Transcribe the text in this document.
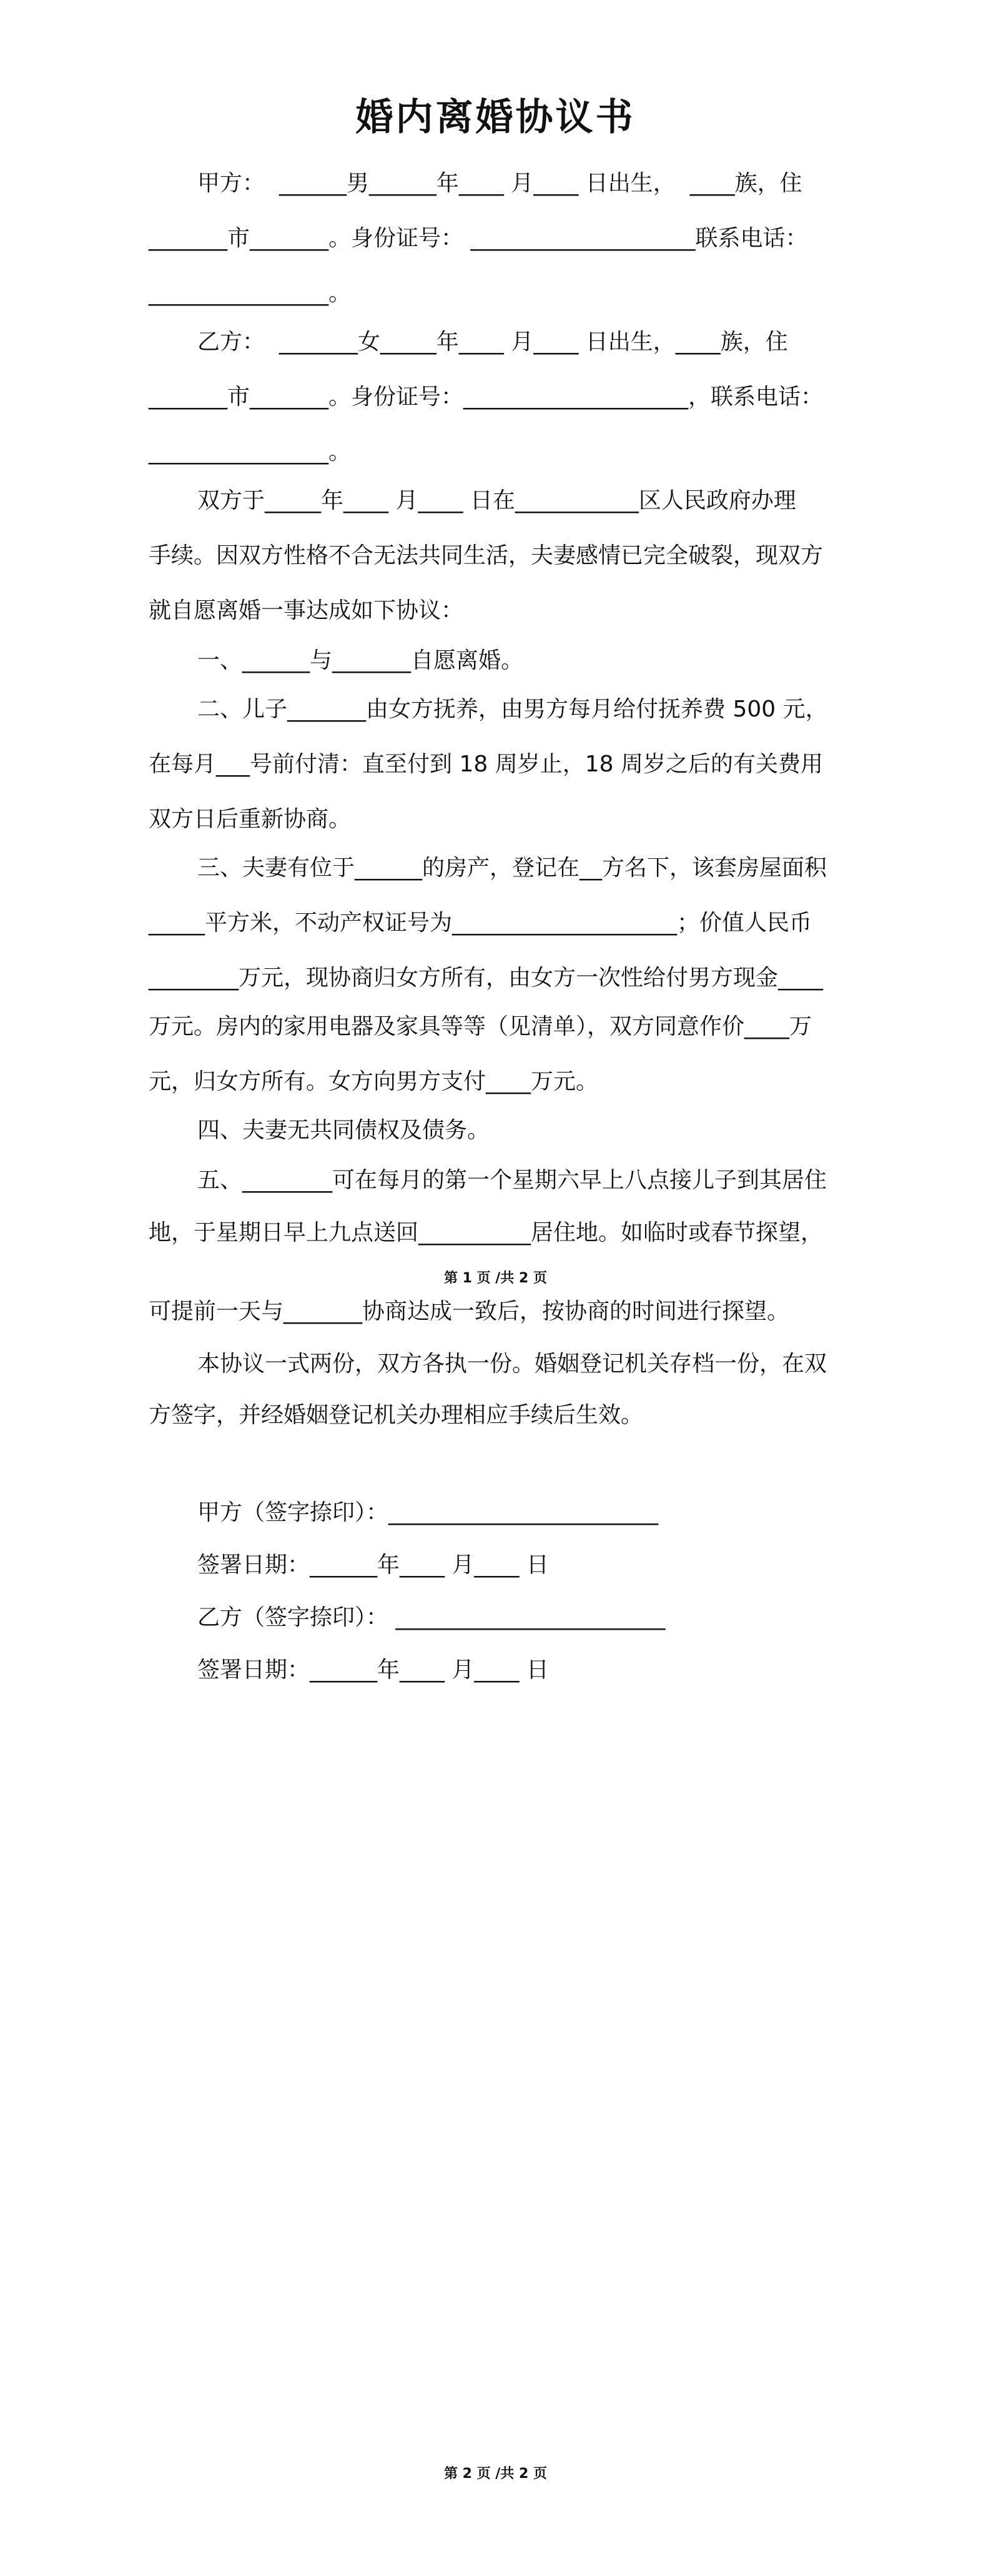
婚内离婚协议书
甲方：  ______男______年____ 月____ 日出生，  ____族，住
_______市_______。身份证号： ____________________联系电话：
________________。
乙方：  _______女_____年____ 月____ 日出生，____族，住
_______市_______。身份证号：____________________，联系电话：
________________。
双方于_____年____ 月____ 日在___________区人民政府办理
手续。因双方性格不合无法共同生活，夫妻感情已完全破裂，现双方
就自愿离婚一事达成如下协议：
一、______与_______自愿离婚。
二、儿子_______由女方抚养，由男方每月给付抚养费 500 元，
在每月___号前付清：直至付到 18 周岁止，18 周岁之后的有关费用
双方日后重新协商。
三、夫妻有位于______的房产，登记在__方名下，该套房屋面积
_____平方米，不动产权证号为____________________；价值人民币
________万元，现协商归女方所有，由女方一次性给付男方现金____
万元。房内的家用电器及家具等等（见清单），双方同意作价____万
元，归女方所有。女方向男方支付____万元。
四、夫妻无共同债权及债务。
五、________可在每月的第一个星期六早上八点接儿子到其居住
地，于星期日早上九点送回__________居住地。如临时或春节探望，
第 1 页 /共 2 页
可提前一天与_______协商达成一致后，按协商的时间进行探望。
本协议一式两份，双方各执一份。婚姻登记机关存档一份，在双
方签字，并经婚姻登记机关办理相应手续后生效。
甲方（签字捺印）：________________________
签署日期：______年____ 月____ 日
乙方（签字捺印）： ________________________
签署日期：______年____ 月____ 日
第 2 页 /共 2 页
